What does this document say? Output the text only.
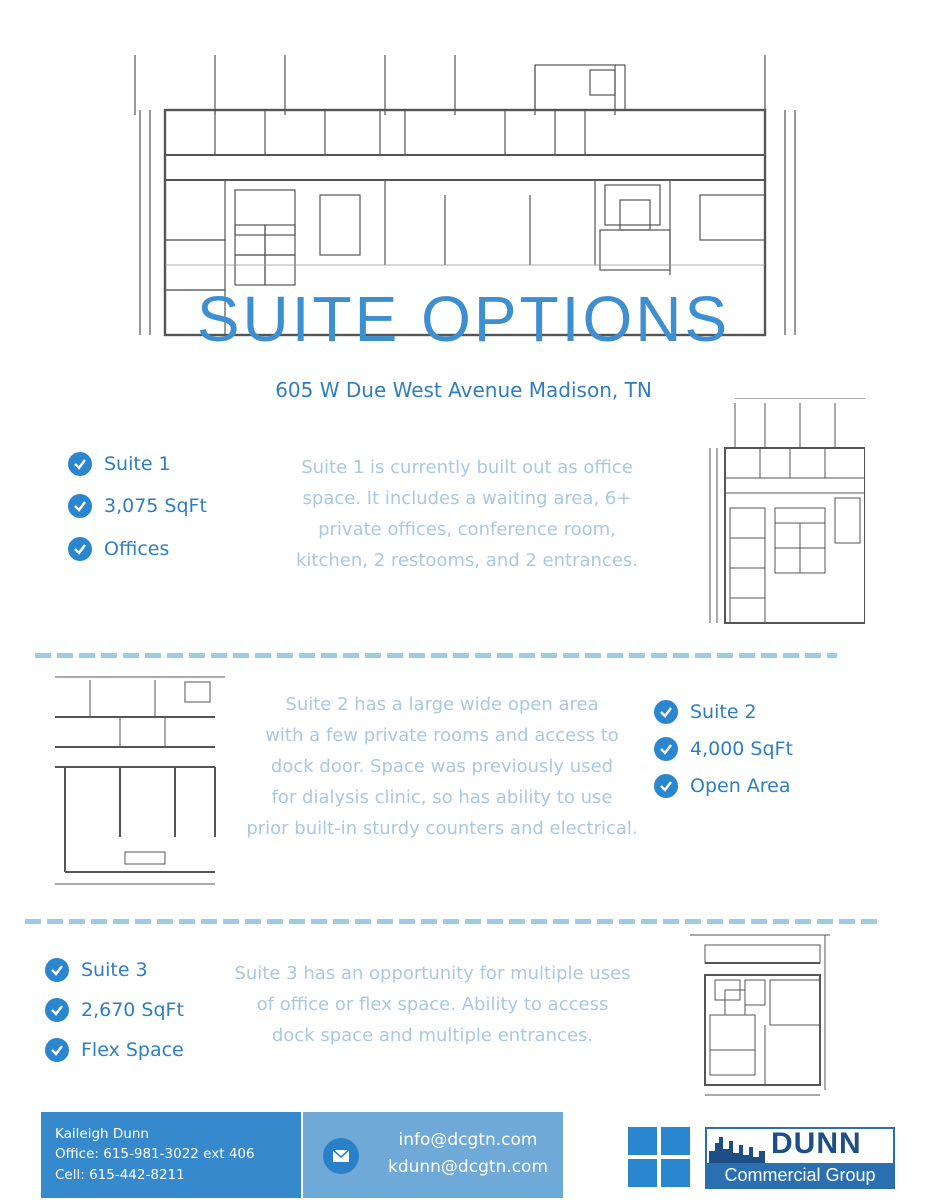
SUITE OPTIONS
605 W Due West Avenue Madison, TN
Suite 1
3,075 SqFt
Offices
Suite 1 is currently built out as office
space. It includes a waiting area, 6+
private offices, conference room,
kitchen, 2 restooms, and 2 entrances.
Suite 2 has a large wide open area
with a few private rooms and access to
dock door. Space was previously used
for dialysis clinic, so has ability to use
prior built-in sturdy counters and electrical.
Suite 2
4,000 SqFt
Open Area
Suite 3
2,670 SqFt
Flex Space
Suite 3 has an opportunity for multiple uses
of office or flex space. Ability to access
dock space and multiple entrances.
Kaileigh Dunn
Office: 615-981-3022 ext 406
Cell: 615-442-8211
info@dcgtn.com
kdunn@dcgtn.com
DUNN
Commercial Group
